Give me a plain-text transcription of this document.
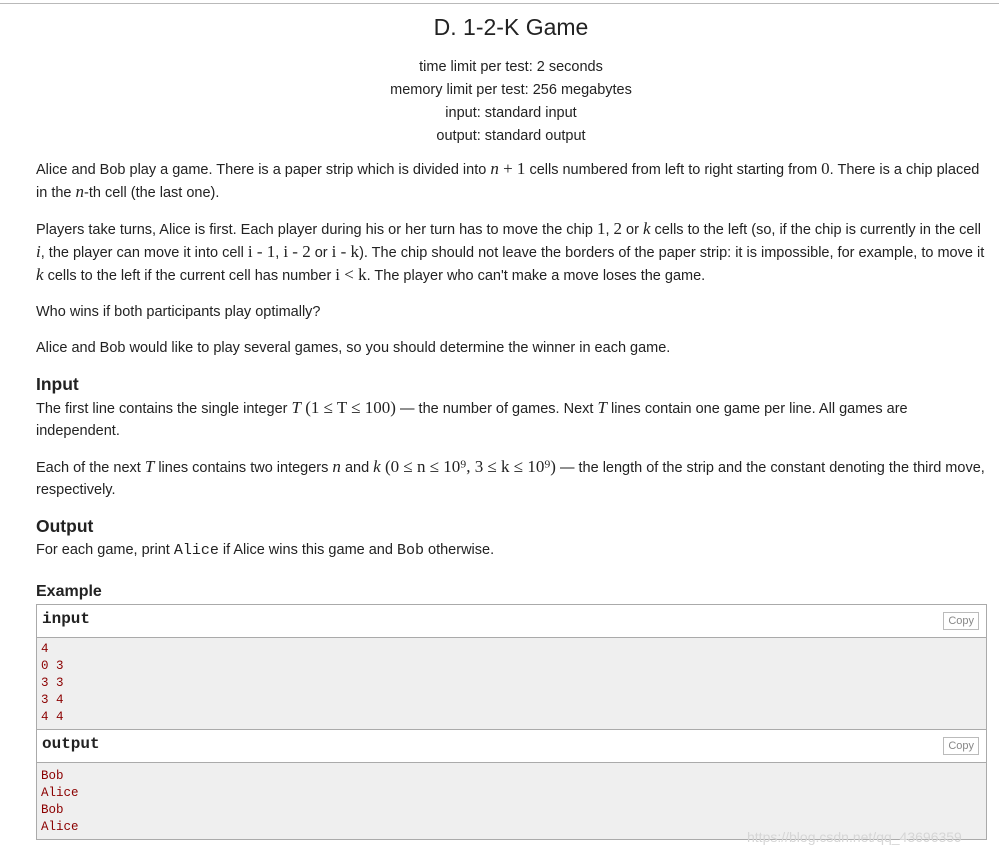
D. 1-2-K Game
time limit per test: 2 seconds
memory limit per test: 256 megabytes
input: standard input
output: standard output

Alice and Bob play a game. There is a paper strip which is divided into n + 1 cells numbered from left to right starting from 0. There is a chip placed in the n-th cell (the last one).

Players take turns, Alice is first. Each player during his or her turn has to move the chip 1, 2 or k cells to the left (so, if the chip is currently in the cell i, the player can move it into cell i - 1, i - 2 or i - k). The chip should not leave the borders of the paper strip: it is impossible, for example, to move it k cells to the left if the current cell has number i < k. The player who can't make a move loses the game.

Who wins if both participants play optimally?

Alice and Bob would like to play several games, so you should determine the winner in each game.

Input

The first line contains the single integer T (1 ≤ T ≤ 100) — the number of games. Next T lines contain one game per line. All games are independent.

Each of the next T lines contains two integers n and k (0 ≤ n ≤ 10⁹, 3 ≤ k ≤ 10⁹) — the length of the strip and the constant denoting the third move, respectively.

Output

For each game, print Alice if Alice wins this game and Bob otherwise.

Example
input	Copy
4
0 3
3 3
3 4
4 4
output	Copy
Bob
Alice
Bob
Alice
https://blog.csdn.net/qq_43696359
